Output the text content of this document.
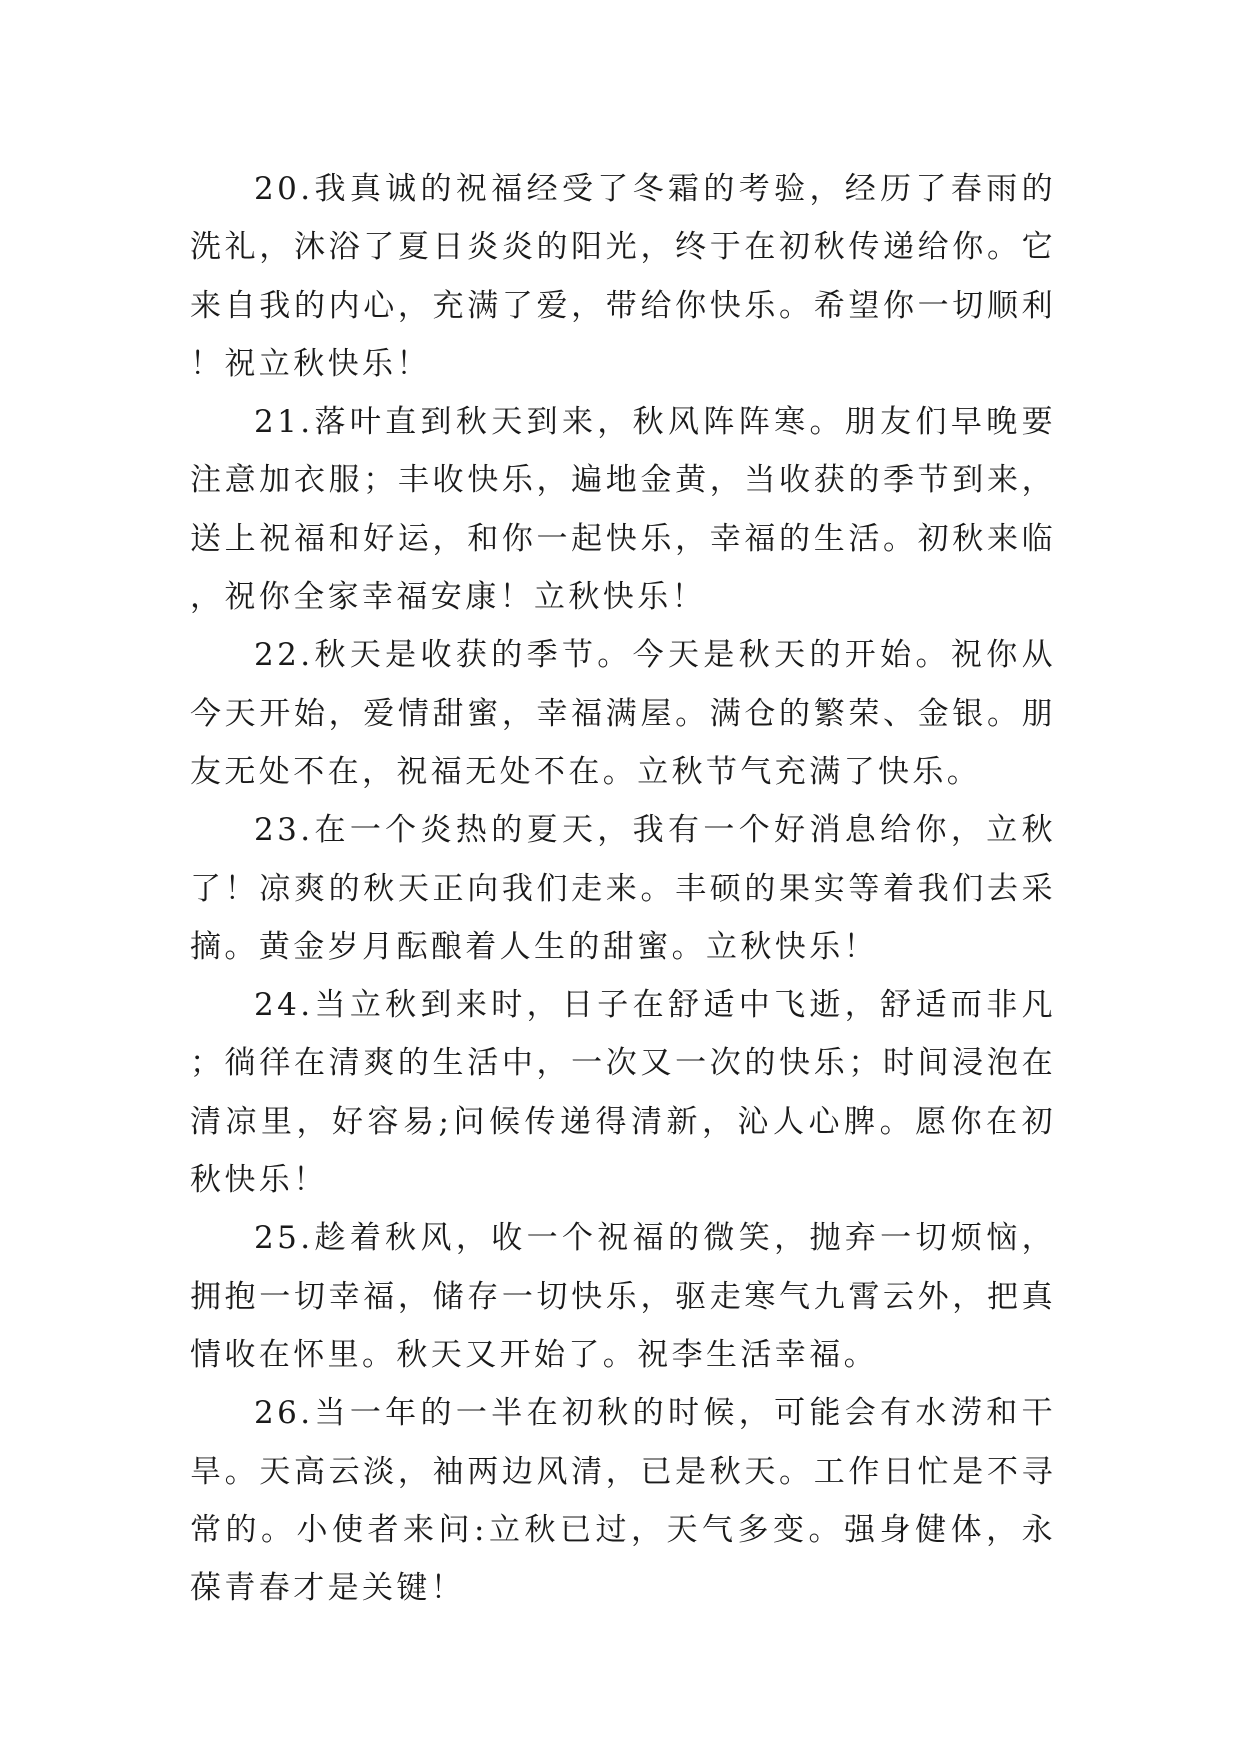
20.我真诚的祝福经受了冬霜的考验，经历了春雨的洗礼，沐浴了夏日炎炎的阳光，终于在初秋传递给你。它来自我的内心，充满了爱，带给你快乐。希望你一切顺利！祝立秋快乐！

21.落叶直到秋天到来，秋风阵阵寒。朋友们早晚要注意加衣服；丰收快乐，遍地金黄，当收获的季节到来，送上祝福和好运，和你一起快乐，幸福的生活。初秋来临，祝你全家幸福安康！立秋快乐！

22.秋天是收获的季节。今天是秋天的开始。祝你从今天开始，爱情甜蜜，幸福满屋。满仓的繁荣、金银。朋友无处不在，祝福无处不在。立秋节气充满了快乐。

23.在一个炎热的夏天，我有一个好消息给你，立秋了！凉爽的秋天正向我们走来。丰硕的果实等着我们去采摘。黄金岁月酝酿着人生的甜蜜。立秋快乐！

24.当立秋到来时，日子在舒适中飞逝，舒适而非凡；徜徉在清爽的生活中，一次又一次的快乐；时间浸泡在清凉里，好容易;问候传递得清新，沁人心脾。愿你在初秋快乐！

25.趁着秋风，收一个祝福的微笑，抛弃一切烦恼，拥抱一切幸福，储存一切快乐，驱走寒气九霄云外，把真情收在怀里。秋天又开始了。祝李生活幸福。

26.当一年的一半在初秋的时候，可能会有水涝和干旱。天高云淡，袖两边风清，已是秋天。工作日忙是不寻常的。小使者来问:立秋已过，天气多变。强身健体，永葆青春才是关键！
